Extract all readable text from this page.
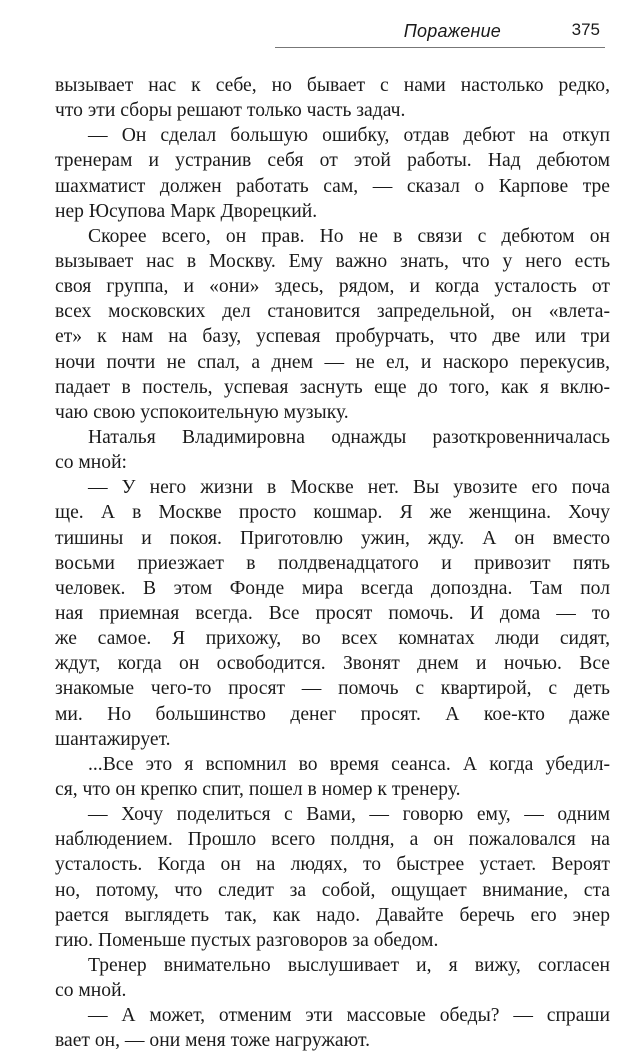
Поражение	375
вызывает нас к себе, но бывает с нами настолько редко,
что эти сборы решают только часть задач.
— Он сделал большую ошибку, отдав дебют на откуп
тренерам и устранив себя от этой работы. Над дебютом
шахматист должен работать сам, — сказал о Карпове тре
нер Юсупова Марк Дворецкий.
Скорее всего, он прав. Но не в связи с дебютом он
вызывает нас в Москву. Ему важно знать, что у него есть
своя группа, и «они» здесь, рядом, и когда усталость от
всех московских дел становится запредельной, он «влета-
ет» к нам на базу, успевая пробурчать, что две или три
ночи почти не спал, а днем — не ел, и наскоро перекусив,
падает в постель, успевая заснуть еще до того, как я вклю-
чаю свою успокоительную музыку.
Наталья Владимировна однажды разоткровенничалась
со мной:
— У него жизни в Москве нет. Вы увозите его поча
ще. А в Москве просто кошмар. Я же женщина. Хочу
тишины и покоя. Приготовлю ужин, жду. А он вместо
восьми приезжает в полдвенадцатого и привозит пять
человек. В этом Фонде мира всегда допоздна. Там пол
ная приемная всегда. Все просят помочь. И дома — то
же самое. Я прихожу, во всех комнатах люди сидят,
ждут, когда он освободится. Звонят днем и ночью. Все
знакомые чего-то просят — помочь с квартирой, с деть
ми. Но большинство денег просят. А кое-кто даже
шантажирует.
...Все это я вспомнил во время сеанса. А когда убедил-
ся, что он крепко спит, пошел в номер к тренеру.
— Хочу поделиться с Вами, — говорю ему, — одним
наблюдением. Прошло всего полдня, а он пожаловался на
усталость. Когда он на людях, то быстрее устает. Вероят
но, потому, что следит за собой, ощущает внимание, ста
рается выглядеть так, как надо. Давайте беречь его энер
гию. Поменьше пустых разговоров за обедом.
Тренер внимательно выслушивает и, я вижу, согласен
со мной.
— А может, отменим эти массовые обеды? — спраши
вает он, — они меня тоже нагружают.
